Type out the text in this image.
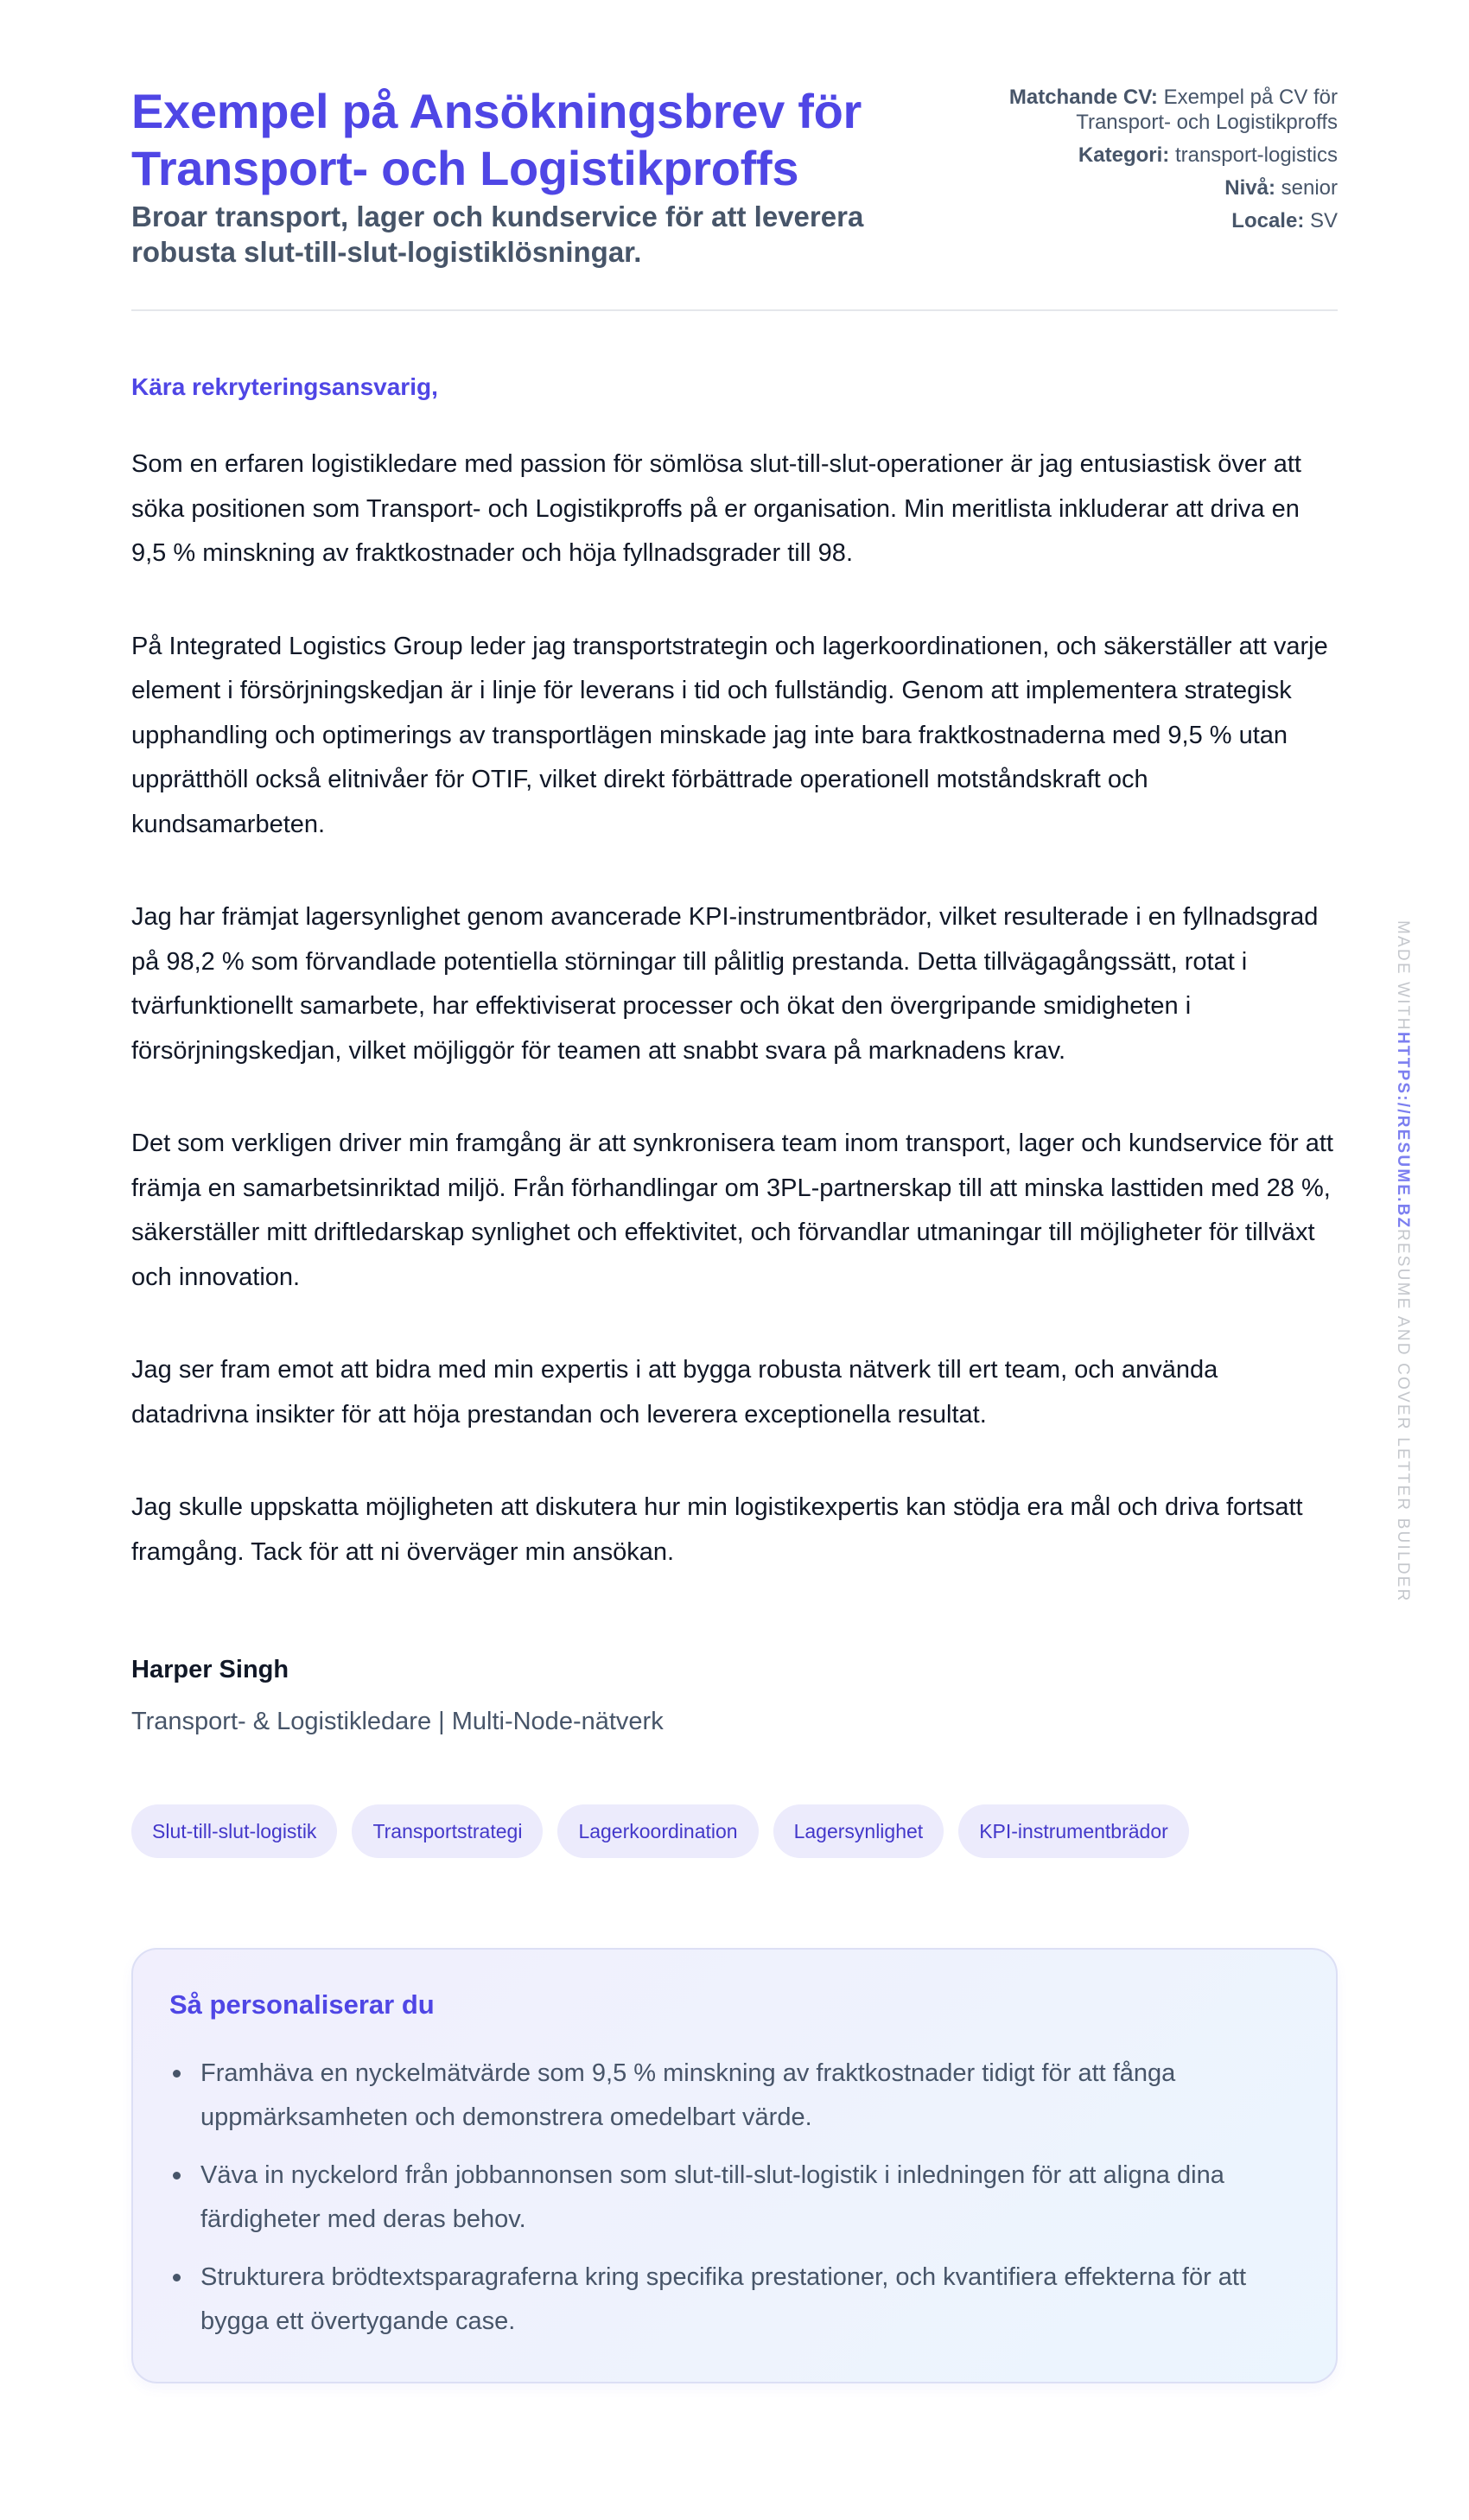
Exempel på Ansökningsbrev för Transport- och Logistikproffs

Broar transport, lager och kundservice för att leverera robusta slut-till-slut-logistiklösningar.

Matchande CV: Exempel på CV för Transport- och Logistikproffs
Kategori: transport-logistics
Nivå: senior
Locale: SV

Kära rekryteringsansvarig,

Som en erfaren logistikledare med passion för sömlösa slut-till-slut-operationer är jag entusiastisk över att söka positionen som Transport- och Logistikproffs på er organisation. Min meritlista inkluderar att driva en 9,5 % minskning av fraktkostnader och höja fyllnadsgrader till 98.

På Integrated Logistics Group leder jag transportstrategin och lagerkoordinationen, och säkerställer att varje element i försörjningskedjan är i linje för leverans i tid och fullständig. Genom att implementera strategisk upphandling och optimerings av transportlägen minskade jag inte bara fraktkostnaderna med 9,5 % utan upprätthöll också elitnivåer för OTIF, vilket direkt förbättrade operationell motståndskraft och kundsamarbeten.

Jag har främjat lagersynlighet genom avancerade KPI-instrumentbrädor, vilket resulterade i en fyllnadsgrad på 98,2 % som förvandlade potentiella störningar till pålitlig prestanda. Detta tillvägagångssätt, rotat i tvärfunktionellt samarbete, har effektiviserat processer och ökat den övergripande smidigheten i försörjningskedjan, vilket möjliggör för teamen att snabbt svara på marknadens krav.

Det som verkligen driver min framgång är att synkronisera team inom transport, lager och kundservice för att främja en samarbetsinriktad miljö. Från förhandlingar om 3PL-partnerskap till att minska lasttiden med 28 %, säkerställer mitt driftledarskap synlighet och effektivitet, och förvandlar utmaningar till möjligheter för tillväxt och innovation.

Jag ser fram emot att bidra med min expertis i att bygga robusta nätverk till ert team, och använda datadrivna insikter för att höja prestandan och leverera exceptionella resultat.

Jag skulle uppskatta möjligheten att diskutera hur min logistikexpertis kan stödja era mål och driva fortsatt framgång. Tack för att ni överväger min ansökan.

Harper Singh
Transport- & Logistikledare | Multi-Node-nätverk
Slut-till-slut-logistik	Transportstrategi	Lagerkoordination	Lagersynlighet	KPI-instrumentbrädor
Så personaliserar du
Framhäva en nyckelmätvärde som 9,5 % minskning av fraktkostnader tidigt för att fånga uppmärksamheten och demonstrera omedelbart värde.
Väva in nyckelord från jobbannonsen som slut-till-slut-logistik i inledningen för att aligna dina färdigheter med deras behov.
Strukturera brödtextsparagraferna kring specifika prestationer, och kvantifiera effekterna för att bygga ett övertygande case.
MADE WITHHTTPS://RESUME.BZRESUME AND COVER LETTER BUILDER
